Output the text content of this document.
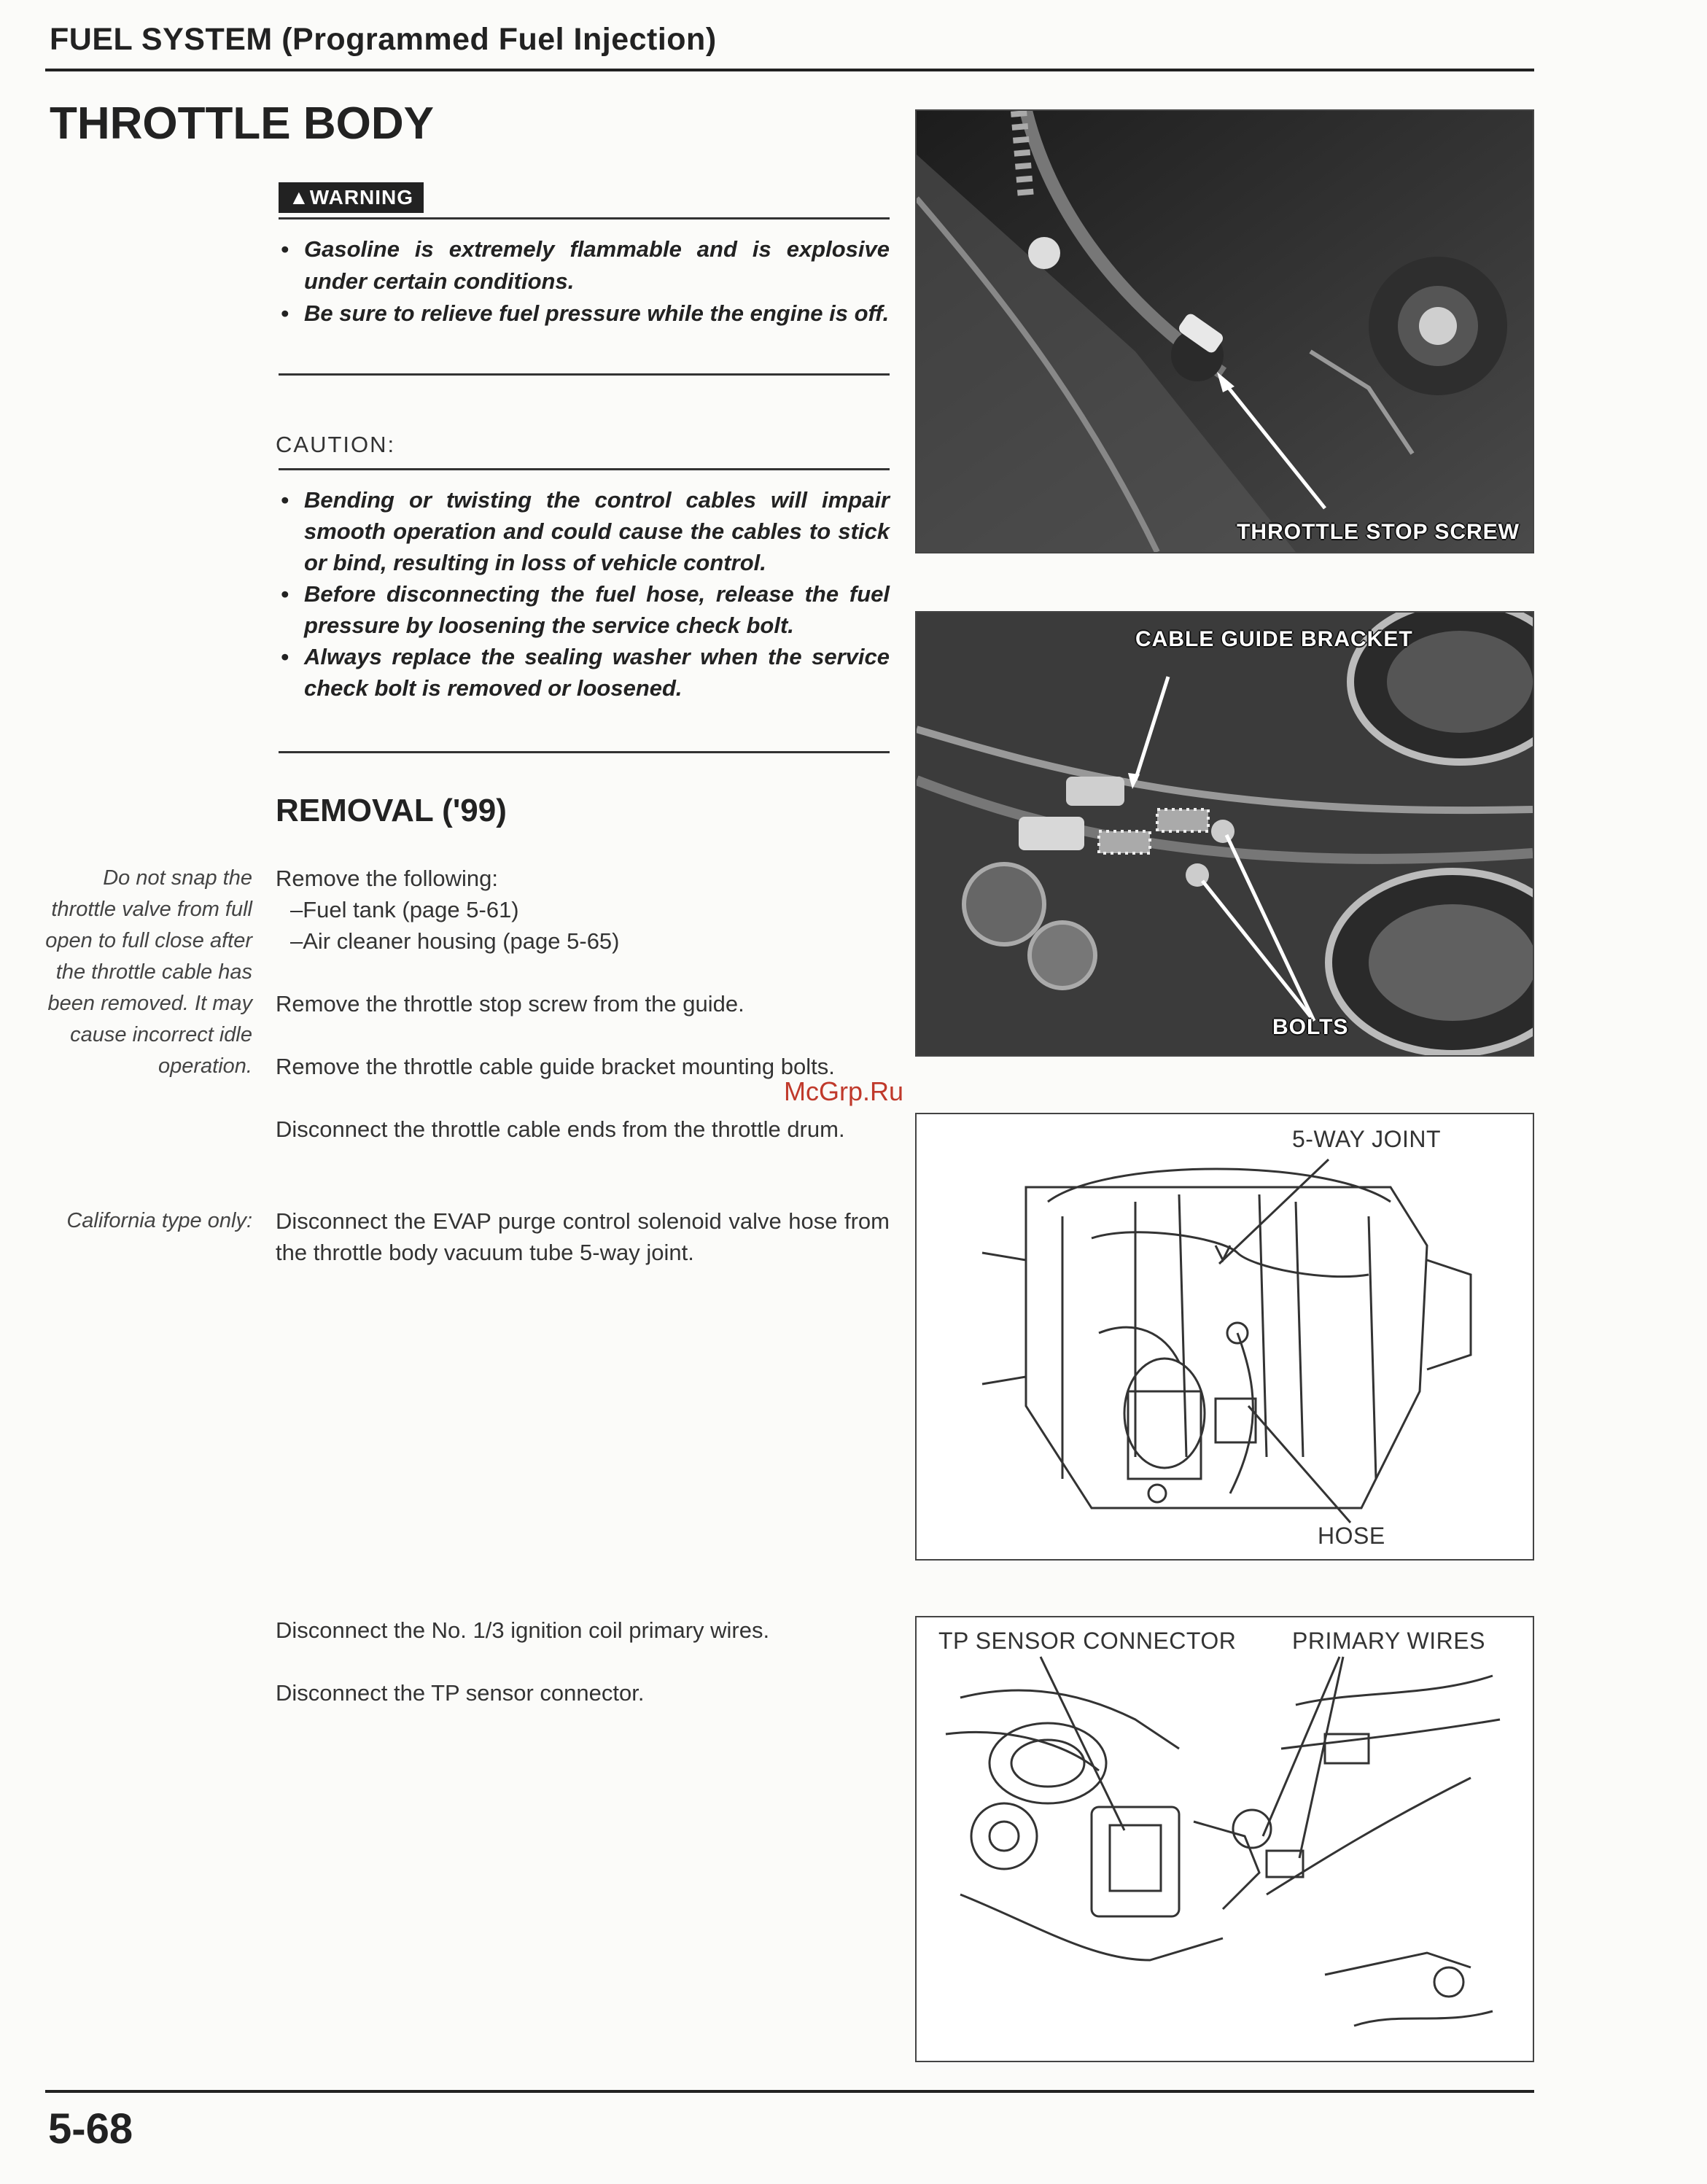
FUEL SYSTEM (Programmed Fuel Injection)
THROTTLE BODY
▲WARNING
• Gasoline is extremely flammable and is explosive under certain conditions.
• Be sure to relieve fuel pressure while the engine is off.
CAUTION:
• Bending or twisting the control cables will impair smooth operation and could cause the cables to stick or bind, resulting in loss of vehicle control.
• Before disconnecting the fuel hose, release the fuel pressure by loosening the service check bolt.
• Always replace the sealing washer when the service check bolt is removed or loosened.
REMOVAL ('99)
Do not snap the throttle valve from full open to full close after the throttle cable has been removed. It may cause incorrect idle operation.
California type only:
Remove the following:
–Fuel tank (page 5-61)
–Air cleaner housing (page 5-65)
Remove the throttle stop screw from the guide.
Remove the throttle cable guide bracket mounting bolts.
Disconnect the throttle cable ends from the throttle drum.
Disconnect the EVAP purge control solenoid valve hose from the throttle body vacuum tube 5-way joint.
Disconnect the No. 1/3 ignition coil primary wires.
Disconnect the TP sensor connector.
THROTTLE STOP SCREW
CABLE GUIDE BRACKET
BOLTS
McGrp.Ru
5-WAY JOINT
HOSE
TP SENSOR CONNECTOR PRIMARY WIRES
5-68
